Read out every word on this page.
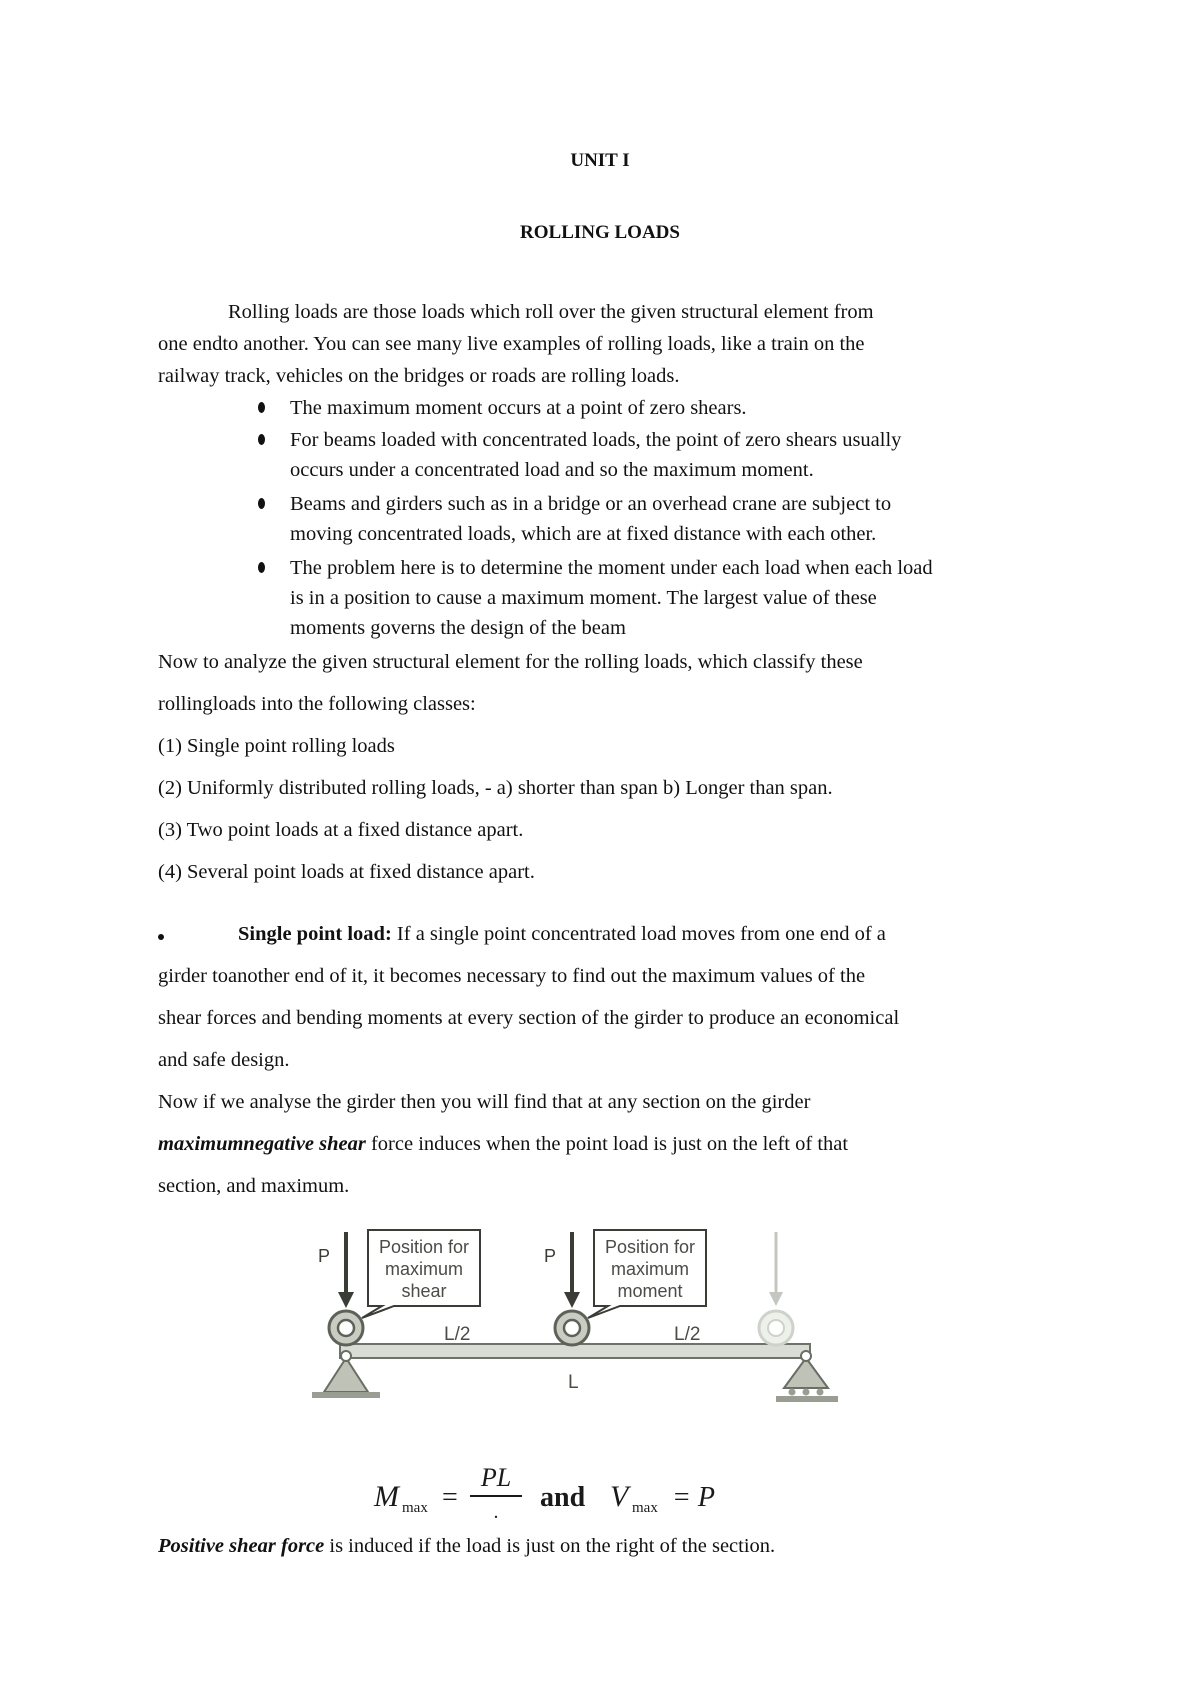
UNIT I
ROLLING LOADS
Rolling loads are those loads which roll over the given structural element from
one endto another. You can see many live examples of rolling loads, like a train on the
railway track, vehicles on the bridges or roads are rolling loads.
The maximum moment occurs at a point of zero shears.
For beams loaded with concentrated loads, the point of zero shears usually
occurs under a concentrated load and so the maximum moment.
Beams and girders such as in a bridge or an overhead crane are subject to
moving concentrated loads, which are at fixed distance with each other.
The problem here is to determine the moment under each load when each load
is in a position to cause a maximum moment. The largest value of these
moments governs the design of the beam
Now to analyze the given structural element for the rolling loads, which classify these
rollingloads into the following classes:
(1) Single point rolling loads
(2) Uniformly distributed rolling loads, - a) shorter than span b) Longer than span.
(3) Two point loads at a fixed distance apart.
(4) Several point loads at fixed distance apart.
Single point load: If a single point concentrated load moves from one end of a
girder toanother end of it, it becomes necessary to find out the maximum values of the
shear forces and bending moments at every section of the girder to produce an economical
and safe design.
Now if we analyse the girder then you will find that at any section on the girder
maximumnegative shear force induces when the point load is just on the left of that
section, and maximum.
P	P
Position for
maximum
shear
Position for
maximum
moment
L/2	L/2
L
M max =
PL
. and V max = P
Positive shear force is induced if the load is just on the right of the section.
